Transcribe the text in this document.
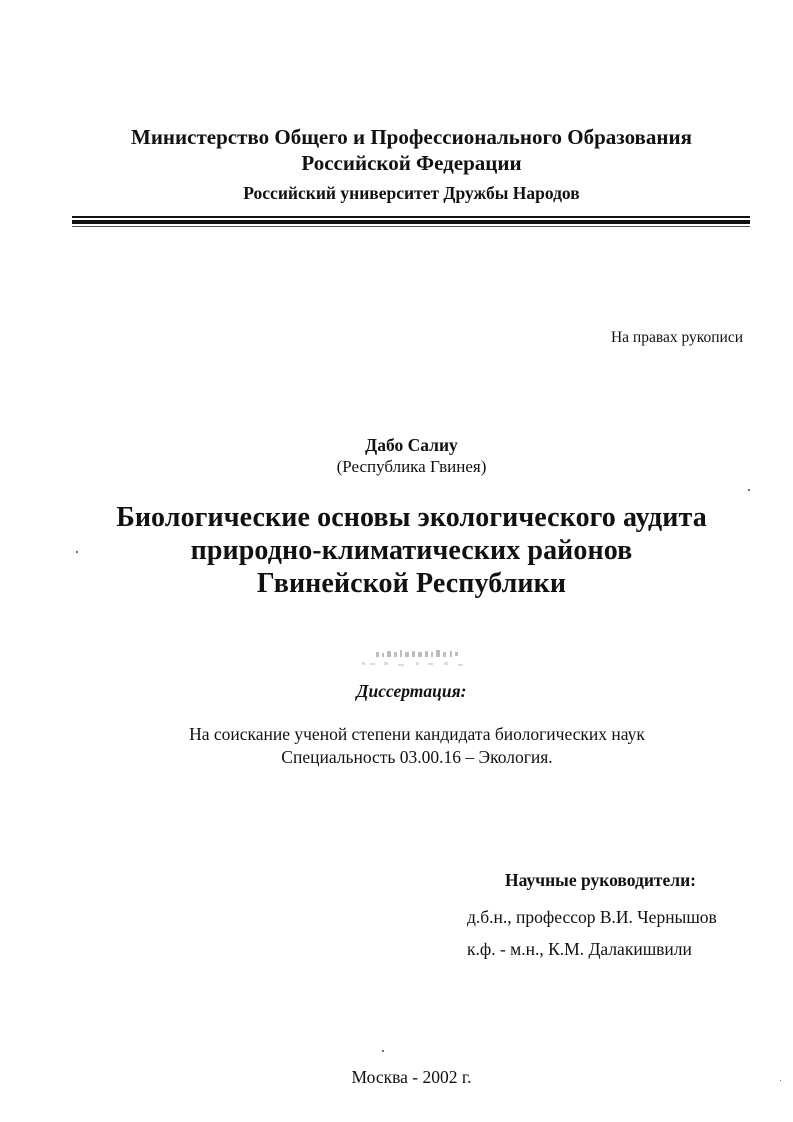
Министерство Общего и Профессионального Образования
Российской Федерации
Российский университет Дружбы Народов
На правах рукописи
Дабо Салиу
(Республика Гвинея)
Биологические основы экологического аудита
природно-климатических районов
Гвинейской Республики
Диссертация:
На соискание ученой степени кандидата биологических наук
Специальность 03.00.16 – Экология.
Научные руководители:
д.б.н., профессор В.И. Чернышов
к.ф. - м.н., К.М. Далакишвили
Москва - 2002 г.
